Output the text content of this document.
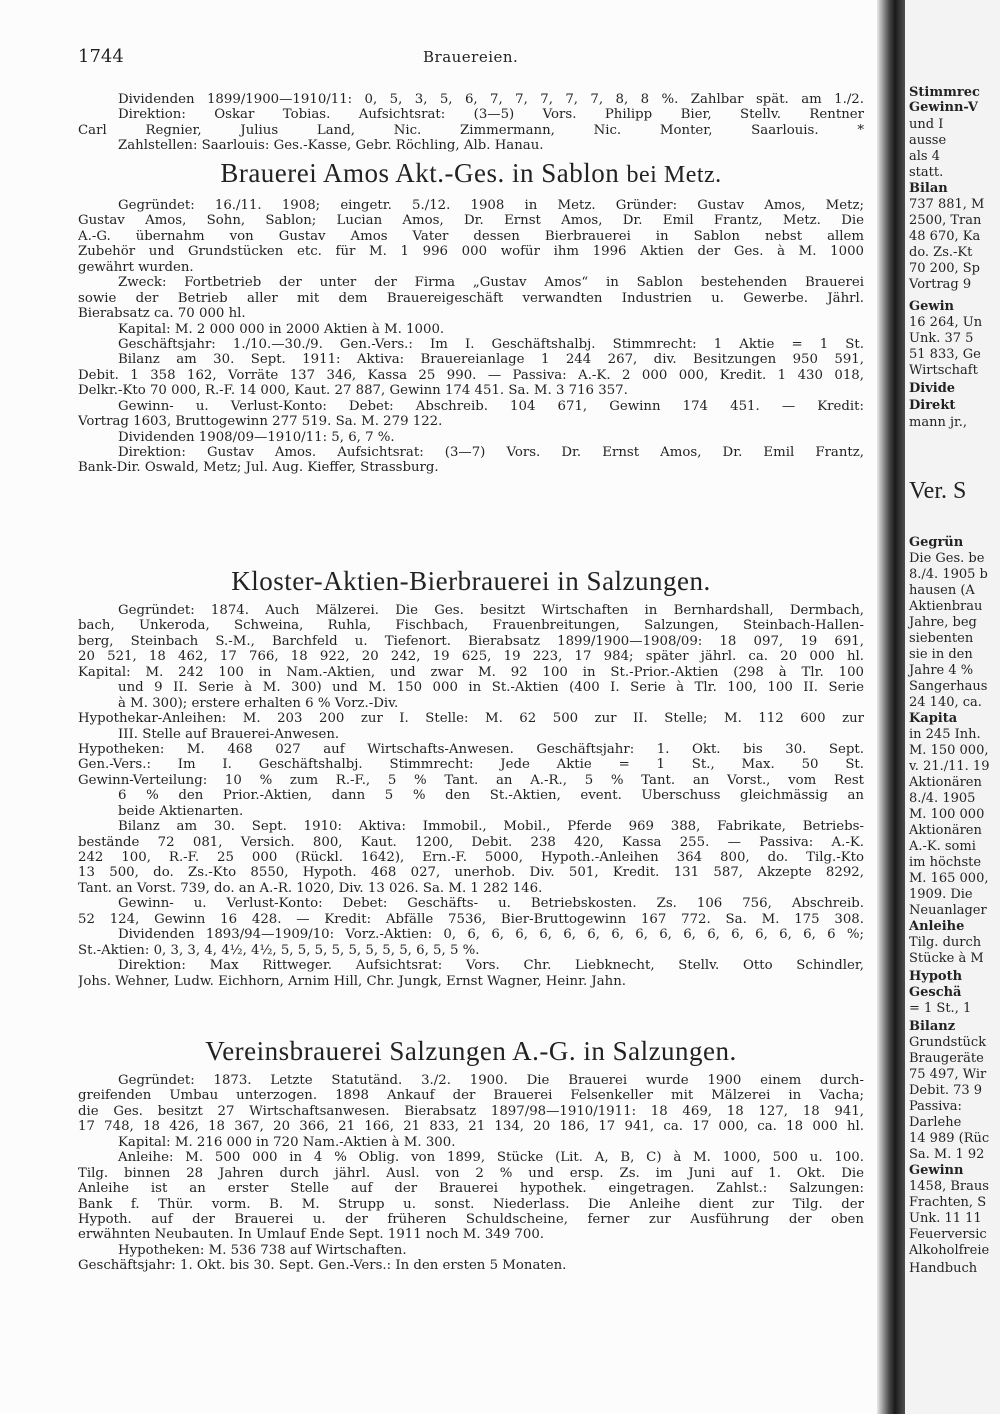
1744	Brauereien.
Dividenden 1899/1900—1910/11: 0, 5, 3, 5, 6, 7, 7, 7, 7, 7, 8, 8 %. Zahlbar spät. am 1./2.
Direktion: Oskar Tobias. Aufsichtsrat: (3—5) Vors. Philipp Bier, Stellv. Rentner
Carl Regnier, Julius Land, Nic. Zimmermann, Nic. Monter, Saarlouis. *
Zahlstellen: Saarlouis: Ges.-Kasse, Gebr. Röchling, Alb. Hanau.
Brauerei Amos Akt.-Ges. in Sablon bei Metz.
Gegründet: 16./11. 1908; eingetr. 5./12. 1908 in Metz. Gründer: Gustav Amos, Metz;
Gustav Amos, Sohn, Sablon; Lucian Amos, Dr. Ernst Amos, Dr. Emil Frantz, Metz. Die
A.-G. übernahm von Gustav Amos Vater dessen Bierbrauerei in Sablon nebst allem
Zubehör und Grundstücken etc. für M. 1 996 000 wofür ihm 1996 Aktien der Ges. à M. 1000
gewährt wurden.
Zweck: Fortbetrieb der unter der Firma „Gustav Amos“ in Sablon bestehenden Brauerei
sowie der Betrieb aller mit dem Brauereigeschäft verwandten Industrien u. Gewerbe. Jährl.
Bierabsatz ca. 70 000 hl.
Kapital: M. 2 000 000 in 2000 Aktien à M. 1000.
Geschäftsjahr: 1./10.—30./9. Gen.-Vers.: Im I. Geschäftshalbj. Stimmrecht: 1 Aktie = 1 St.
Bilanz am 30. Sept. 1911: Aktiva: Brauereianlage 1 244 267, div. Besitzungen 950 591,
Debit. 1 358 162, Vorräte 137 346, Kassa 25 990. — Passiva: A.-K. 2 000 000, Kredit. 1 430 018,
Delkr.-Kto 70 000, R.-F. 14 000, Kaut. 27 887, Gewinn 174 451. Sa. M. 3 716 357.
Gewinn- u. Verlust-Konto: Debet: Abschreib. 104 671, Gewinn 174 451. — Kredit:
Vortrag 1603, Bruttogewinn 277 519. Sa. M. 279 122.
Dividenden 1908/09—1910/11: 5, 6, 7 %.
Direktion: Gustav Amos. Aufsichtsrat: (3—7) Vors. Dr. Ernst Amos, Dr. Emil Frantz,
Bank-Dir. Oswald, Metz; Jul. Aug. Kieffer, Strassburg.
Kloster-Aktien-Bierbrauerei in Salzungen.
Gegründet: 1874. Auch Mälzerei. Die Ges. besitzt Wirtschaften in Bernhardshall, Dermbach,
bach, Unkeroda, Schweina, Ruhla, Fischbach, Frauenbreitungen, Salzungen, Steinbach-Hallen-
berg, Steinbach S.-M., Barchfeld u. Tiefenort. Bierabsatz 1899/1900—1908/09: 18 097, 19 691,
20 521, 18 462, 17 766, 18 922, 20 242, 19 625, 19 223, 17 984; später jährl. ca. 20 000 hl.
Kapital: M. 242 100 in Nam.-Aktien, und zwar M. 92 100 in St.-Prior.-Aktien (298 à Tlr. 100
und 9 II. Serie à M. 300) und M. 150 000 in St.-Aktien (400 I. Serie à Tlr. 100, 100 II. Serie
à M. 300); erstere erhalten 6 % Vorz.-Div.
Hypothekar-Anleihen: M. 203 200 zur I. Stelle: M. 62 500 zur II. Stelle; M. 112 600 zur
III. Stelle auf Brauerei-Anwesen.
Hypotheken: M. 468 027 auf Wirtschafts-Anwesen. Geschäftsjahr: 1. Okt. bis 30. Sept.
Gen.-Vers.: Im I. Geschäftshalbj. Stimmrecht: Jede Aktie = 1 St., Max. 50 St.
Gewinn-Verteilung: 10 % zum R.-F., 5 % Tant. an A.-R., 5 % Tant. an Vorst., vom Rest
6 % den Prior.-Aktien, dann 5 % den St.-Aktien, event. Überschuss gleichmässig an
beide Aktienarten.
Bilanz am 30. Sept. 1910: Aktiva: Immobil., Mobil., Pferde 969 388, Fabrikate, Betriebs-
bestände 72 081, Versich. 800, Kaut. 1200, Debit. 238 420, Kassa 255. — Passiva: A.-K.
242 100, R.-F. 25 000 (Rückl. 1642), Ern.-F. 5000, Hypoth.-Anleihen 364 800, do. Tilg.-Kto
13 500, do. Zs.-Kto 8550, Hypoth. 468 027, unerhob. Div. 501, Kredit. 131 587, Akzepte 8292,
Tant. an Vorst. 739, do. an A.-R. 1020, Div. 13 026. Sa. M. 1 282 146.
Gewinn- u. Verlust-Konto: Debet: Geschäfts- u. Betriebskosten. Zs. 106 756, Abschreib.
52 124, Gewinn 16 428. — Kredit: Abfälle 7536, Bier-Bruttogewinn 167 772. Sa. M. 175 308.
Dividenden 1893/94—1909/10: Vorz.-Aktien: 0, 6, 6, 6, 6, 6, 6, 6, 6, 6, 6, 6, 6, 6, 6, 6, 6 %;
St.-Aktien: 0, 3, 3, 4, 4½, 4½, 5, 5, 5, 5, 5, 5, 5, 5, 6, 5, 5 %.
Direktion: Max Rittweger. Aufsichtsrat: Vors. Chr. Liebknecht, Stellv. Otto Schindler,
Johs. Wehner, Ludw. Eichhorn, Arnim Hill, Chr. Jungk, Ernst Wagner, Heinr. Jahn.
Vereinsbrauerei Salzungen A.-G. in Salzungen.
Gegründet: 1873. Letzte Statutänd. 3./2. 1900. Die Brauerei wurde 1900 einem durch-
greifenden Umbau unterzogen. 1898 Ankauf der Brauerei Felsenkeller mit Mälzerei in Vacha;
die Ges. besitzt 27 Wirtschaftsanwesen. Bierabsatz 1897/98—1910/1911: 18 469, 18 127, 18 941,
17 748, 18 426, 18 367, 20 366, 21 166, 21 833, 21 134, 20 186, 17 941, ca. 17 000, ca. 18 000 hl.
Kapital: M. 216 000 in 720 Nam.-Aktien à M. 300.
Anleihe: M. 500 000 in 4 % Oblig. von 1899, Stücke (Lit. A, B, C) à M. 1000, 500 u. 100.
Tilg. binnen 28 Jahren durch jährl. Ausl. von 2 % und ersp. Zs. im Juni auf 1. Okt. Die
Anleihe ist an erster Stelle auf der Brauerei hypothek. eingetragen. Zahlst.: Salzungen:
Bank f. Thür. vorm. B. M. Strupp u. sonst. Niederlass. Die Anleihe dient zur Tilg. der
Hypoth. auf der Brauerei u. der früheren Schuldscheine, ferner zur Ausführung der oben
erwähnten Neubauten. In Umlauf Ende Sept. 1911 noch M. 349 700.
Hypotheken: M. 536 738 auf Wirtschaften.
Geschäftsjahr: 1. Okt. bis 30. Sept. Gen.-Vers.: In den ersten 5 Monaten.
Stimmrec
Gewinn-V
und I
ausse
als 4
statt.
Bilan
737 881, M
2500, Tran
48 670, Ka
do. Zs.-Kt
70 200, Sp
Vortrag 9
Gewin
16 264, Un
Unk. 37 5
51 833, Ge
Wirtschaft
Divide
Direkt
mann jr.,
Ver. S
Gegrün
Die Ges. be
8./4. 1905 b
hausen (A
Aktienbrau
Jahre, beg
siebenten
sie in den
Jahre 4 %
Sangerhaus
24 140, ca.
Kapita
in 245 Inh.
M. 150 000,
v. 21./11. 19
Aktionären
8./4. 1905
M. 100 000
Aktionären
A.-K. somi
im höchste
M. 165 000,
1909. Die
Neuanlager
Anleihe
Tilg. durch
Stücke à M
Hypoth
Geschä
= 1 St., 1
Bilanz
Grundstück
Braugeräte
75 497, Wir
Debit. 73 9
Passiva:
Darlehe
14 989 (Rüc
Sa. M. 1 92
Gewinn
1458, Braus
Frachten, S
Unk. 11 11
Feuerversic
Alkoholfreie
Handbuch
